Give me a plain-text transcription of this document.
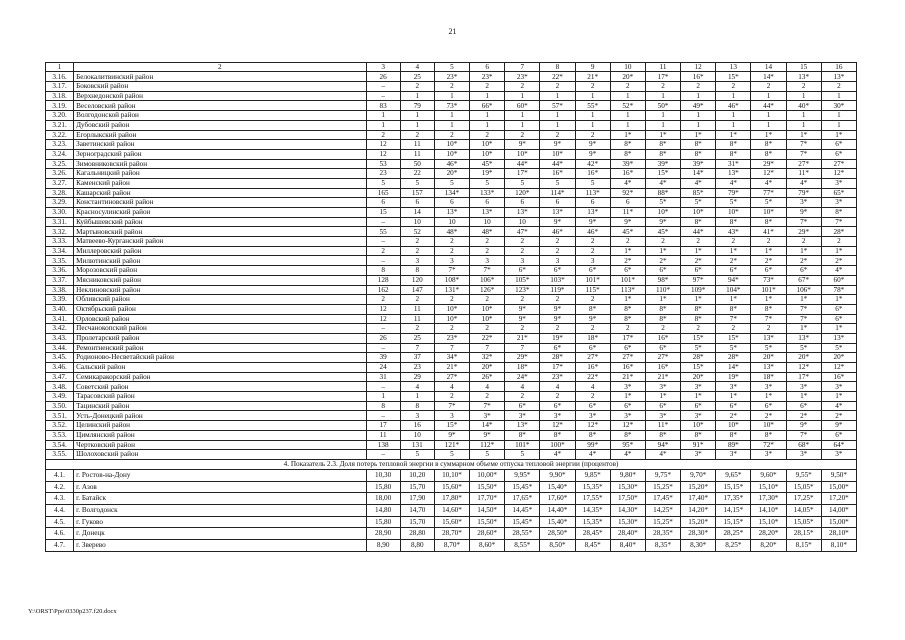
21
1	2	3	4	5	6	7	8	9	10	11	12	13	14	15	16
3.16.	Белокалитвинский район	26	25	23*	23*	23*	22*	21*	20*	17*	16*	15*	14*	13*	13*
3.17.	Боковский район	–	2	2	2	2	2	2	2	2	2	2	2	2	2
3.18.	Верхнедонской район	–	1	1	1	1	1	1	1	1	1	1	1	1	1
3.19.	Веселовский район	83	79	73*	66*	60*	57*	55*	52*	50*	49*	46*	44*	40*	30*
3.20.	Волгодонской район	1	1	1	1	1	1	1	1	1	1	1	1	1	1
3.21.	Дубовский район	1	1	1	1	1	1	1	1	1	1	1	1	1	1
3.22.	Егорлыкский район	2	2	2	2	2	2	2	1*	1*	1*	1*	1*	1*	1*
3.23.	Заветинский район	12	11	10*	10*	9*	9*	9*	8*	8*	8*	8*	8*	7*	6*
3.24.	Зерноградский район	12	11	10*	10*	10*	10*	9*	8*	8*	8*	8*	8*	7*	6*
3.25.	Зимовниковский район	53	50	46*	45*	44*	44*	42*	39*	39*	39*	31*	29*	27*	27*
3.26.	Кагальницкий район	23	22	20*	19*	17*	16*	16*	16*	15*	14*	13*	12*	11*	12*
3.27.	Каменский район	5	5	5	5	5	5	5	4*	4*	4*	4*	4*	4*	3*
3.28.	Кашарский район	165	157	134*	133*	120*	114*	113*	92*	88*	85*	79*	77*	79*	65*
3.29.	Константиновский район	6	6	6	6	6	6	6	6	5*	5*	5*	5*	3*	3*
3.30.	Красносулинский район	15	14	13*	13*	13*	13*	13*	11*	10*	10*	10*	10*	9*	8*
3.31.	Куйбышевский район	–	10	10	10	10	9*	9*	9*	9*	8*	8*	8*	7*	7*
3.32.	Мартыновский район	55	52	48*	48*	47*	46*	46*	45*	45*	44*	43*	41*	29*	28*
3.33.	Матвеево-Курганский район	–	2	2	2	2	2	2	2	2	2	2	2	2	2
3.34.	Миллеровский район	2	2	2	2	2	2	2	1*	1*	1*	1*	1*	1*	1*
3.35.	Милютинский район	–	3	3	3	3	3	3	2*	2*	2*	2*	2*	2*	2*
3.36.	Морозовский район	8	8	7*	7*	6*	6*	6*	6*	6*	6*	6*	6*	6*	4*
3.37.	Мясниковский район	128	120	108*	106*	105*	103*	101*	101*	98*	97*	94*	73*	67*	60*
3.38.	Неклиновский район	162	147	131*	126*	123*	119*	115*	113*	110*	109*	104*	101*	106*	78*
3.39.	Обливский район	2	2	2	2	2	2	2	1*	1*	1*	1*	1*	1*	1*
3.40.	Октябрьский район	12	11	10*	10*	9*	9*	8*	8*	8*	8*	8*	8*	7*	6*
3.41.	Орловский район	12	11	10*	10*	9*	9*	9*	8*	8*	8*	7*	7*	7*	6*
3.42.	Песчанокопский район	–	2	2	2	2	2	2	2	2	2	2	2	1*	1*
3.43.	Пролетарский район	26	25	23*	22*	21*	19*	18*	17*	16*	15*	15*	13*	13*	13*
3.44.	Ремонтненский район	–	7	7	7	7	6*	6*	6*	6*	5*	5*	5*	5*	5*
3.45.	Родионово-Несветайский район	39	37	34*	32*	29*	28*	27*	27*	27*	28*	28*	20*	20*	20*
3.46.	Сальский район	24	23	21*	20*	18*	17*	16*	16*	16*	15*	14*	13*	12*	12*
3.47.	Семикаракорский район	31	29	27*	26*	24*	23*	22*	21*	21*	20*	19*	18*	17*	16*
3.48.	Советский район	–	4	4	4	4	4	4	3*	3*	3*	3*	3*	3*	3*
3.49.	Тарасовский район	1	1	2	2	2	2	2	1*	1*	1*	1*	1*	1*	1*
3.50.	Тацинский район	8	8	7*	7*	6*	6*	6*	6*	6*	6*	6*	6*	6*	4*
3.51.	Усть-Донецкий район	–	3	3	3*	3*	3*	3*	3*	3*	3*	2*	2*	2*	2*
3.52.	Целинский район	17	16	15*	14*	13*	12*	12*	12*	11*	10*	10*	10*	9*	9*
3.53.	Цимлянский район	11	10	9*	9*	8*	8*	8*	8*	8*	8*	8*	8*	7*	6*
3.54.	Чертковский район	138	131	121*	112*	101*	100*	99*	95*	94*	91*	89*	72*	68*	64*
3.55.	Шолоховский район	–	5	5	5	5	4*	4*	4*	4*	3*	3*	3*	3*	3*
4. Показатель 2.3. Доля потерь тепловой энергии в суммарном объеме отпуска тепловой энергии (процентов)															
4.1.	г. Ростов-на-Дону	10,30	10,20	10,10*	10,00*	9,95*	9,90*	9,85*	9,80*	9,75*	9,70*	9,65*	9,60*	9,55*	9,50*
4.2.	г. Азов	15,80	15,70	15,60*	15,50*	15,45*	15,40*	15,35*	15,30*	15,25*	15,20*	15,15*	15,10*	15,05*	15,00*
4.3.	г. Батайск	18,00	17,90	17,80*	17,70*	17,65*	17,60*	17,55*	17,50*	17,45*	17,40*	17,35*	17,30*	17,25*	17,20*
4.4.	г. Волгодонск	14,80	14,70	14,60*	14,50*	14,45*	14,40*	14,35*	14,30*	14,25*	14,20*	14,15*	14,10*	14,05*	14,00*
4.5.	г. Гуково	15,80	15,70	15,60*	15,50*	15,45*	15,40*	15,35*	15,30*	15,25*	15,20*	15,15*	15,10*	15,05*	15,00*
4.6.	г. Донецк	28,90	28,80	28,70*	28,60*	28,55*	28,50*	28,45*	28,40*	28,35*	28,30*	28,25*	28,20*	28,15*	28,10*
4.7.	г. Зверево	8,90	8,80	8,70*	8,60*	8,55*	8,50*	8,45*	8,40*	8,35*	8,30*	8,25*	8,20*	8,15*	8,10*
Y:\ORST\Ppo\0330p237.f20.docx
